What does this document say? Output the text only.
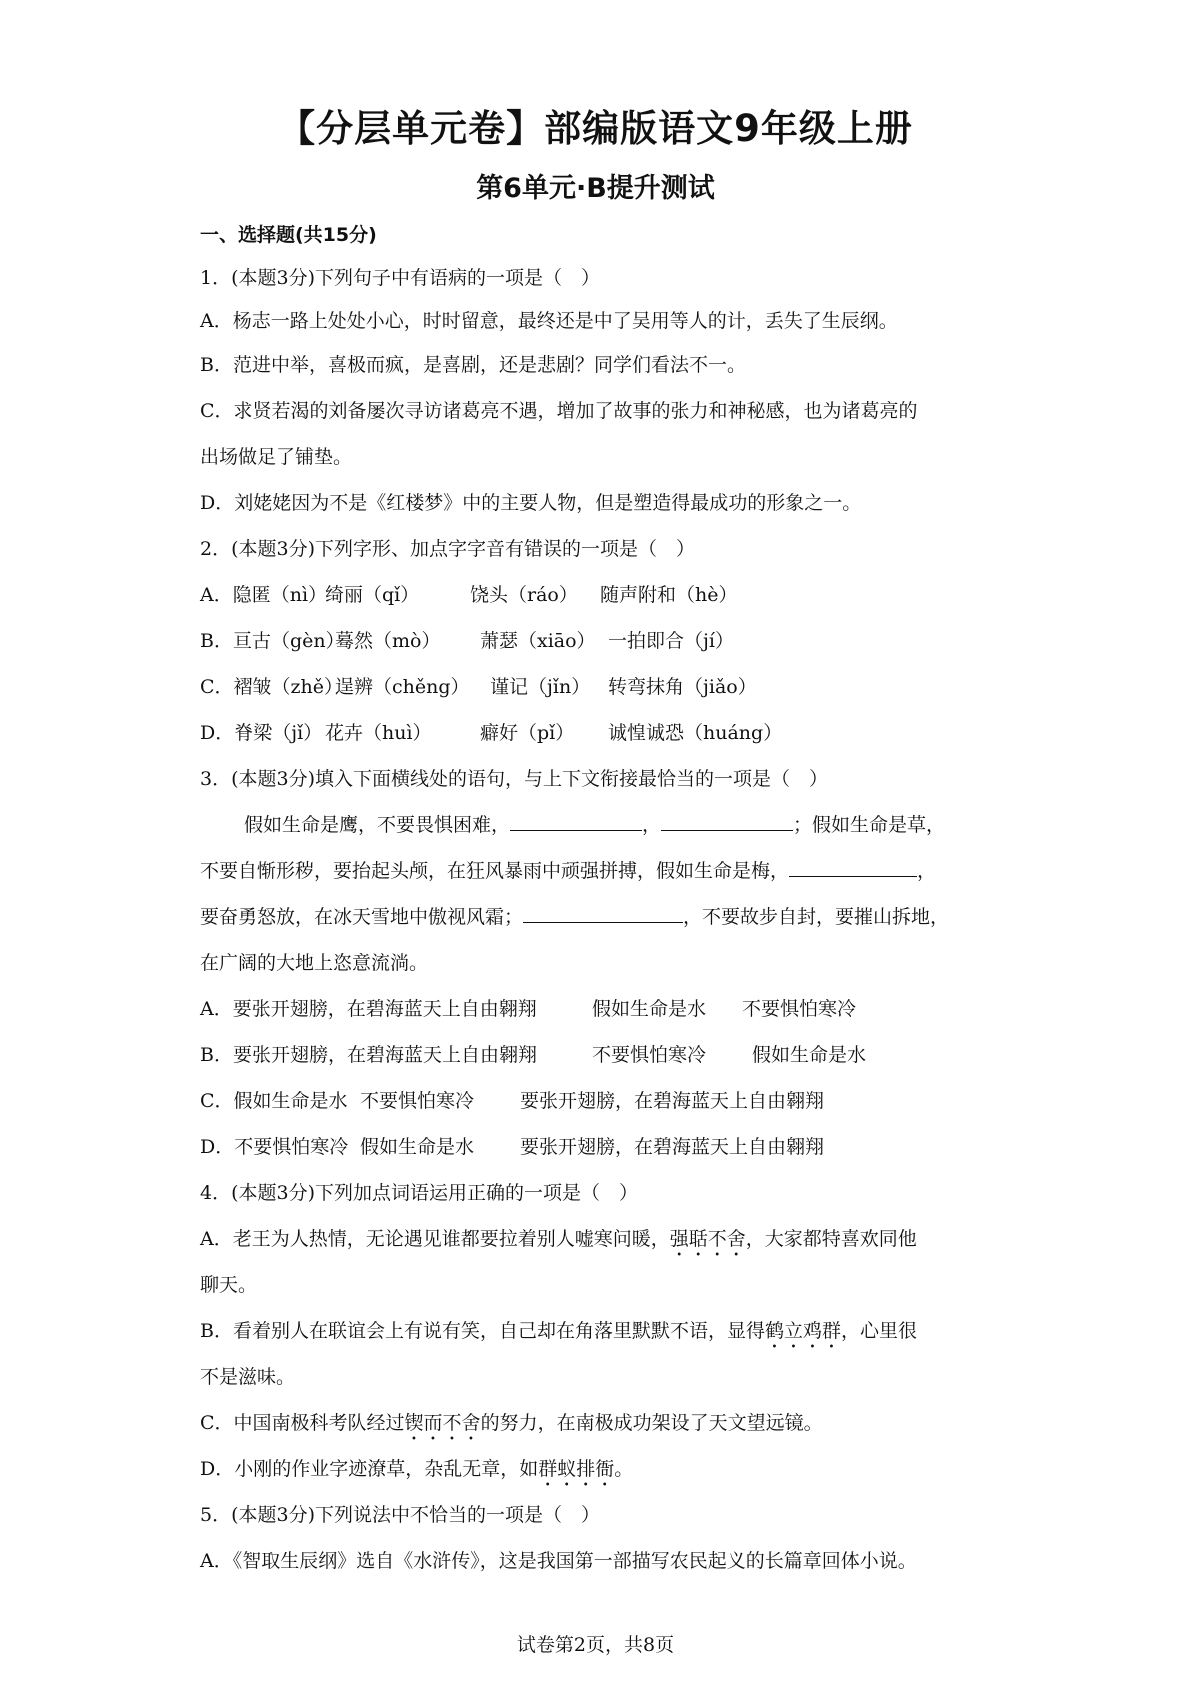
【分层单元卷】部编版语文9年级上册
第6单元·B提升测试
一、选择题(共15分)
1．(本题3分)下列句子中有语病的一项是（　）
A．杨志一路上处处小心，时时留意，最终还是中了吴用等人的计，丢失了生辰纲。
B．范进中举，喜极而疯，是喜剧，还是悲剧？同学们看法不一。
C．求贤若渴的刘备屡次寻访诸葛亮不遇，增加了故事的张力和神秘感，也为诸葛亮的
出场做足了铺垫。
D．刘姥姥因为不是《红楼梦》中的主要人物，但是塑造得最成功的形象之一。
2．(本题3分)下列字形、加点字字音有错误的一项是（　）
A．隐匿（nì）绮丽（qǐ）	饶头（ráo） 随声附和（hè）
B．亘古（gèn）蓦然（mò） 萧瑟（xiāo） 一拍即合（jí）
C．褶皱（zhě）逞辨（chěng） 谨记（jǐn） 转弯抹角（jiǎo）
D．脊梁（jǐ） 花卉（huì）	癖好（pǐ） 诚惶诚恐（huáng）
3．(本题3分)填入下面横线处的语句，与上下文衔接最恰当的一项是（　）
假如生命是鹰，不要畏惧困难，	，	；假如生命是草，
不要自惭形秽，要抬起头颅，在狂风暴雨中顽强拼搏，假如生命是梅，	，
要奋勇怒放，在冰天雪地中傲视风霜；	，不要故步自封，要摧山拆地，
在广阔的大地上恣意流淌。
A．要张开翅膀，在碧海蓝天上自由翱翔	假如生命是水 不要惧怕寒冷
B．要张开翅膀，在碧海蓝天上自由翱翔	不要惧怕寒冷 假如生命是水
C．假如生命是水 不要惧怕寒冷 要张开翅膀，在碧海蓝天上自由翱翔
D．不要惧怕寒冷 假如生命是水 要张开翅膀，在碧海蓝天上自由翱翔
4．(本题3分)下列加点词语运用正确的一项是（　）
A．老王为人热情，无论遇见谁都要拉着别人嘘寒问暖，强聒不舍，大家都特喜欢同他
聊天。
B．看着别人在联谊会上有说有笑，自己却在角落里默默不语，显得鹤立鸡群，心里很
不是滋味。
C．中国南极科考队经过锲而不舍的努力，在南极成功架设了天文望远镜。
D．小刚的作业字迹潦草，杂乱无章，如群蚁排衙。
5．(本题3分)下列说法中不恰当的一项是（　）
A．《智取生辰纲》选自《水浒传》，这是我国第一部描写农民起义的长篇章回体小说。
试卷第2页，共8页
